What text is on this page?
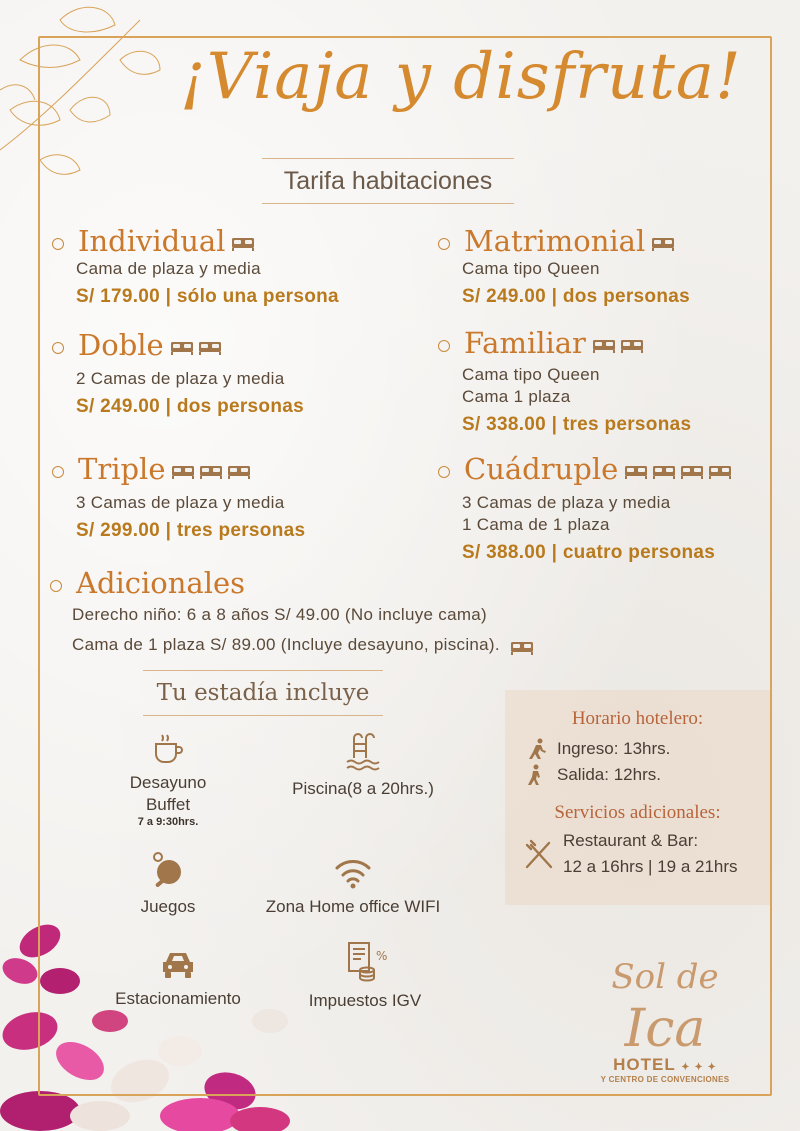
¡Viaja y disfruta!
Tarifa habitaciones
Individual
Cama de plaza y media
S/ 179.00 | sólo una persona
Matrimonial
Cama tipo Queen
S/ 249.00 | dos personas
Doble
2 Camas de plaza y media
S/ 249.00 | dos personas
Familiar
Cama tipo Queen
Cama 1 plaza
S/ 338.00 | tres personas
Triple
3 Camas de plaza y media
S/ 299.00 | tres personas
Cuádruple
3 Camas de plaza y media
1 Cama de 1 plaza
S/ 388.00 | cuatro personas
Adicionales
Derecho niño: 6 a 8 años S/ 49.00 (No incluye cama)
Cama de 1 plaza S/ 89.00 (Incluye desayuno, piscina).
Tu estadía incluye
Desayuno
Buffet
7 a 9:30hrs.
Piscina(8 a 20hrs.)
Juegos	Zona Home office WIFI
Estacionamiento
%
Impuestos IGV
Horario hotelero:
Ingreso: 13hrs.
Salida: 12hrs.
Servicios adicionales:
Restaurant & Bar:
12 a 16hrs | 19 a 21hrs
Sol de
Ica
HOTEL ✦ ✦ ✦
Y CENTRO DE CONVENCIONES
